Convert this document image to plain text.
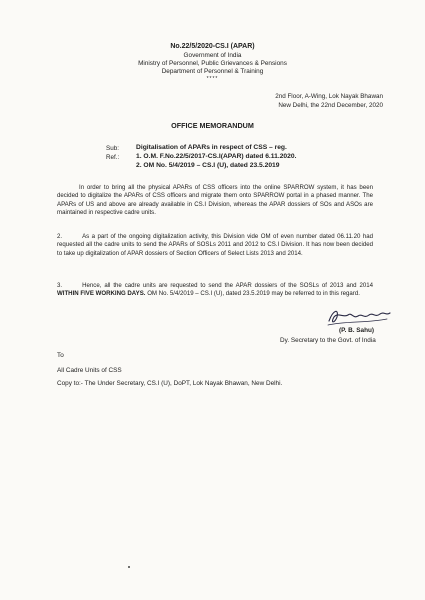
No.22/5/2020-CS.I (APAR)
Government of India
Ministry of Personnel, Public Grievances & Pensions
Department of Personnel & Training
****
2nd Floor, A-Wing, Lok Nayak Bhawan
New Delhi, the 22nd December, 2020
OFFICE MEMORANDUM
Sub:	Digitalisation of APARs in respect of CSS – reg.
Ref.: 1. O.M. F.No.22/5/2017-CS.I(APAR) dated 6.11.2020.
2. OM No. 5/4/2019 – CS.I (U), dated 23.5.2019
In order to bring all the physical APARs of CSS officers into the online SPARROW system, it has been decided to digitalize the APARs of CSS officers and migrate them onto SPARROW portal in a phased manner. The APARs of US and above are already available in CS.I Division, whereas the APAR dossiers of SOs and ASOs are maintained in respective cadre units.
2.	As a part of the ongoing digitalization activity, this Division vide OM of even number dated 06.11.20 had requested all the cadre units to send the APARs of SOSLs 2011 and 2012 to CS.I Division. It has now been decided to take up digitalization of APAR dossiers of Section Officers of Select Lists 2013 and 2014.
3.	Hence, all the cadre units are requested to send the APAR dossiers of the SOSLs of 2013 and 2014 WITHIN FIVE WORKING DAYS. OM No. 5/4/2019 – CS.I (U), dated 23.5.2019 may be referred to in this regard.
(P. B. Sahu)
Dy. Secretary to the Govt. of India
To
All Cadre Units of CSS
Copy to:- The Under Secretary, CS.I (U), DoPT, Lok Nayak Bhawan, New Delhi.
